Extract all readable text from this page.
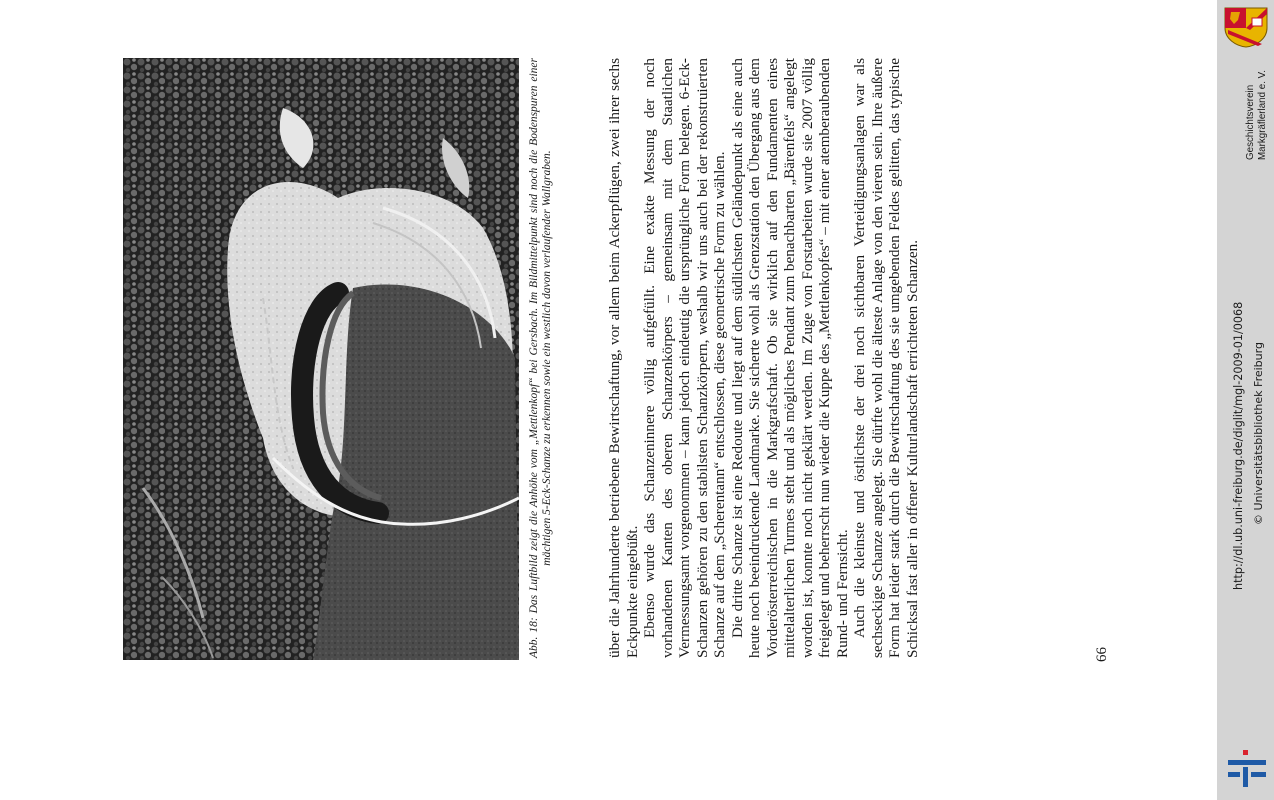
Abb. 18: Das Luftbild zeigt die Anhöhe vom „Mettlenkopf“ bei Gersbach. Im Bildmittelpunkt sind noch die Bodenspuren einer mächtigen 5-Eck-Schanze zu erkennen sowie ein westlich davon verlaufender Wallgraben.	über die Jahrhunderte betriebene Bewirtschaftung, vor allem beim Ackerpflügen, zwei ihrer sechs Eckpunkte eingebüßt. Ebenso wurde das Schanzeninnere völlig aufgefüllt. Eine exakte Messung der noch vorhandenen Kanten des oberen Schanzenkörpers – gemeinsam mit dem Staatlichen Vermessungsamt vorgenommen – kann jedoch eindeutig die ursprüngliche Form belegen. 6-Eck-Schanzen gehören zu den stabilsten Schanzkörpern, weshalb wir uns auch bei der rekonstruierten Schanze auf dem „Scherentann“ entschlossen, diese geometrische Form zu wählen. Die dritte Schanze ist eine Redoute und liegt auf dem südlichsten Geländepunkt als eine auch heute noch beeindruckende Landmarke. Sie sicherte wohl als Grenzstation den Übergang aus dem Vorderösterreichischen in die Markgrafschaft. Ob sie wirklich auf den Fundamenten eines mittelalterlichen Turmes steht und als mögliches Pendant zum benachbarten „Bärenfels“ angelegt worden ist, konnte noch nicht geklärt werden. Im Zuge von Forstarbeiten wurde sie 2007 völlig freigelegt und beherrscht nun wieder die Kuppe des „Mettlenkopfes“ – mit einer atemberaubenden Rund- und Fernsicht. Auch die kleinste und östlichste der drei noch sichtbaren Verteidigungsanlagen war als sechseckige Schanze angelegt. Sie dürfte wohl die älteste Anlage von den vieren sein. Ihre äußere Form hat leider stark durch die Bewirtschaftung des sie umgebenden Feldes gelitten, das typische Schicksal fast aller in offener Kulturlandschaft errichteten Schanzen.	66
Geschichtsverein Markgräflerland e. V.
http://dl.ub.uni-freiburg.de/diglit/mgl-2009-01/0068 © Universitätsbibliothek Freiburg
